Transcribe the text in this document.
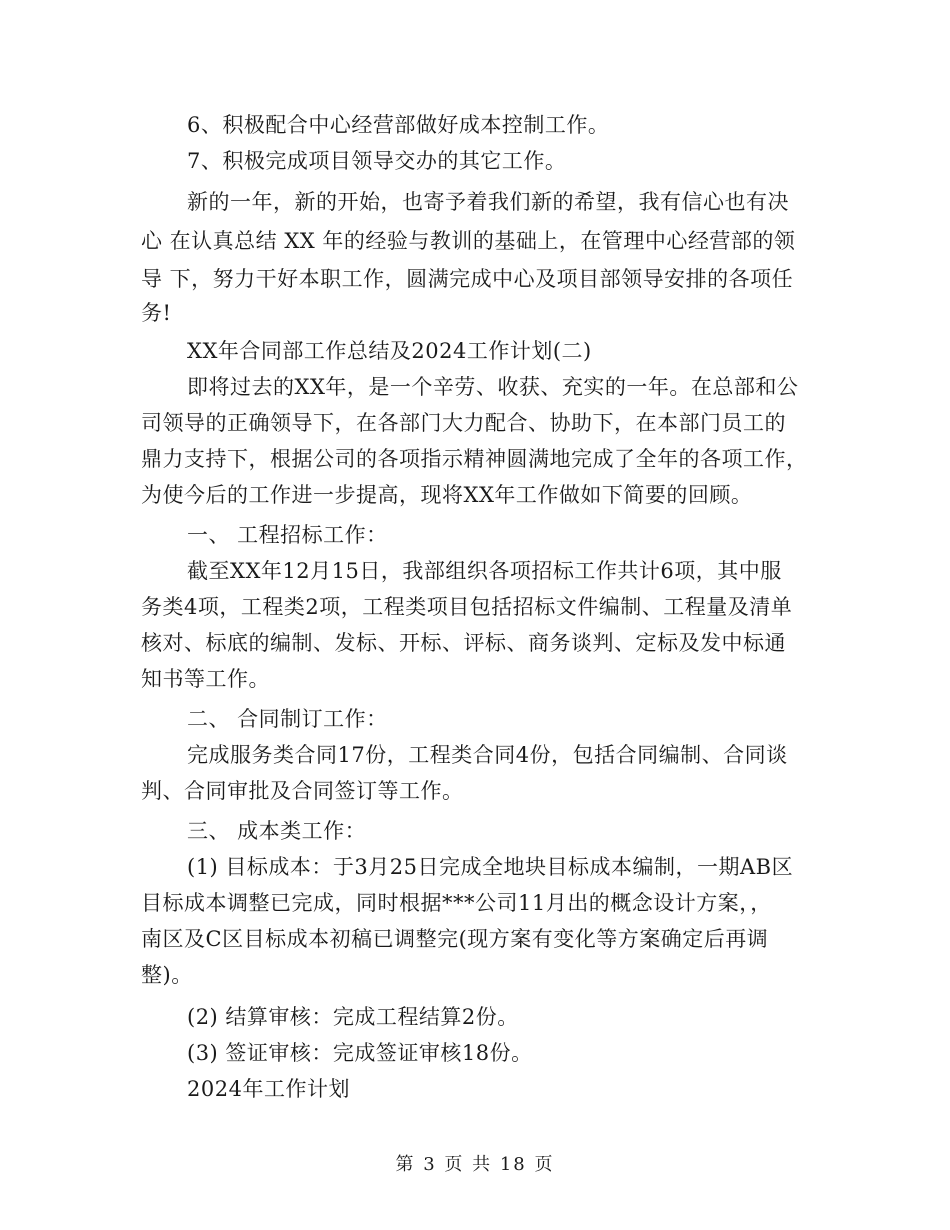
6、积极配合中心经营部做好成本控制工作。
7、积极完成项目领导交办的其它工作。
新的一年，新的开始，也寄予着我们新的希望，我有信心也有决
心 在认真总结 XX 年的经验与教训的基础上，在管理中心经营部的领
导 下，努力干好本职工作，圆满完成中心及项目部领导安排的各项任
务!
XX年合同部工作总结及2024工作计划(二)
即将过去的XX年，是一个辛劳、收获、充实的一年。在总部和公
司领导的正确领导下，在各部门大力配合、协助下，在本部门员工的
鼎力支持下，根据公司的各项指示精神圆满地完成了全年的各项工作，
为使今后的工作进一步提高，现将XX年工作做如下简要的回顾。
一、 工程招标工作：
截至XX年12月15日，我部组织各项招标工作共计6项，其中服
务类4项，工程类2项，工程类项目包括招标文件编制、工程量及清单
核对、标底的编制、发标、开标、评标、商务谈判、定标及发中标通
知书等工作。
二、 合同制订工作：
完成服务类合同17份，工程类合同4份，包括合同编制、合同谈
判、合同审批及合同签订等工作。
三、 成本类工作：
(1) 目标成本：于3月25日完成全地块目标成本编制，一期AB区
目标成本调整已完成，同时根据***公司11月出的概念设计方案，，
南区及C区目标成本初稿已调整完(现方案有变化等方案确定后再调
整)。
(2) 结算审核：完成工程结算2份。
(3) 签证审核：完成签证审核18份。
2024年工作计划
第 3 页 共 18 页
